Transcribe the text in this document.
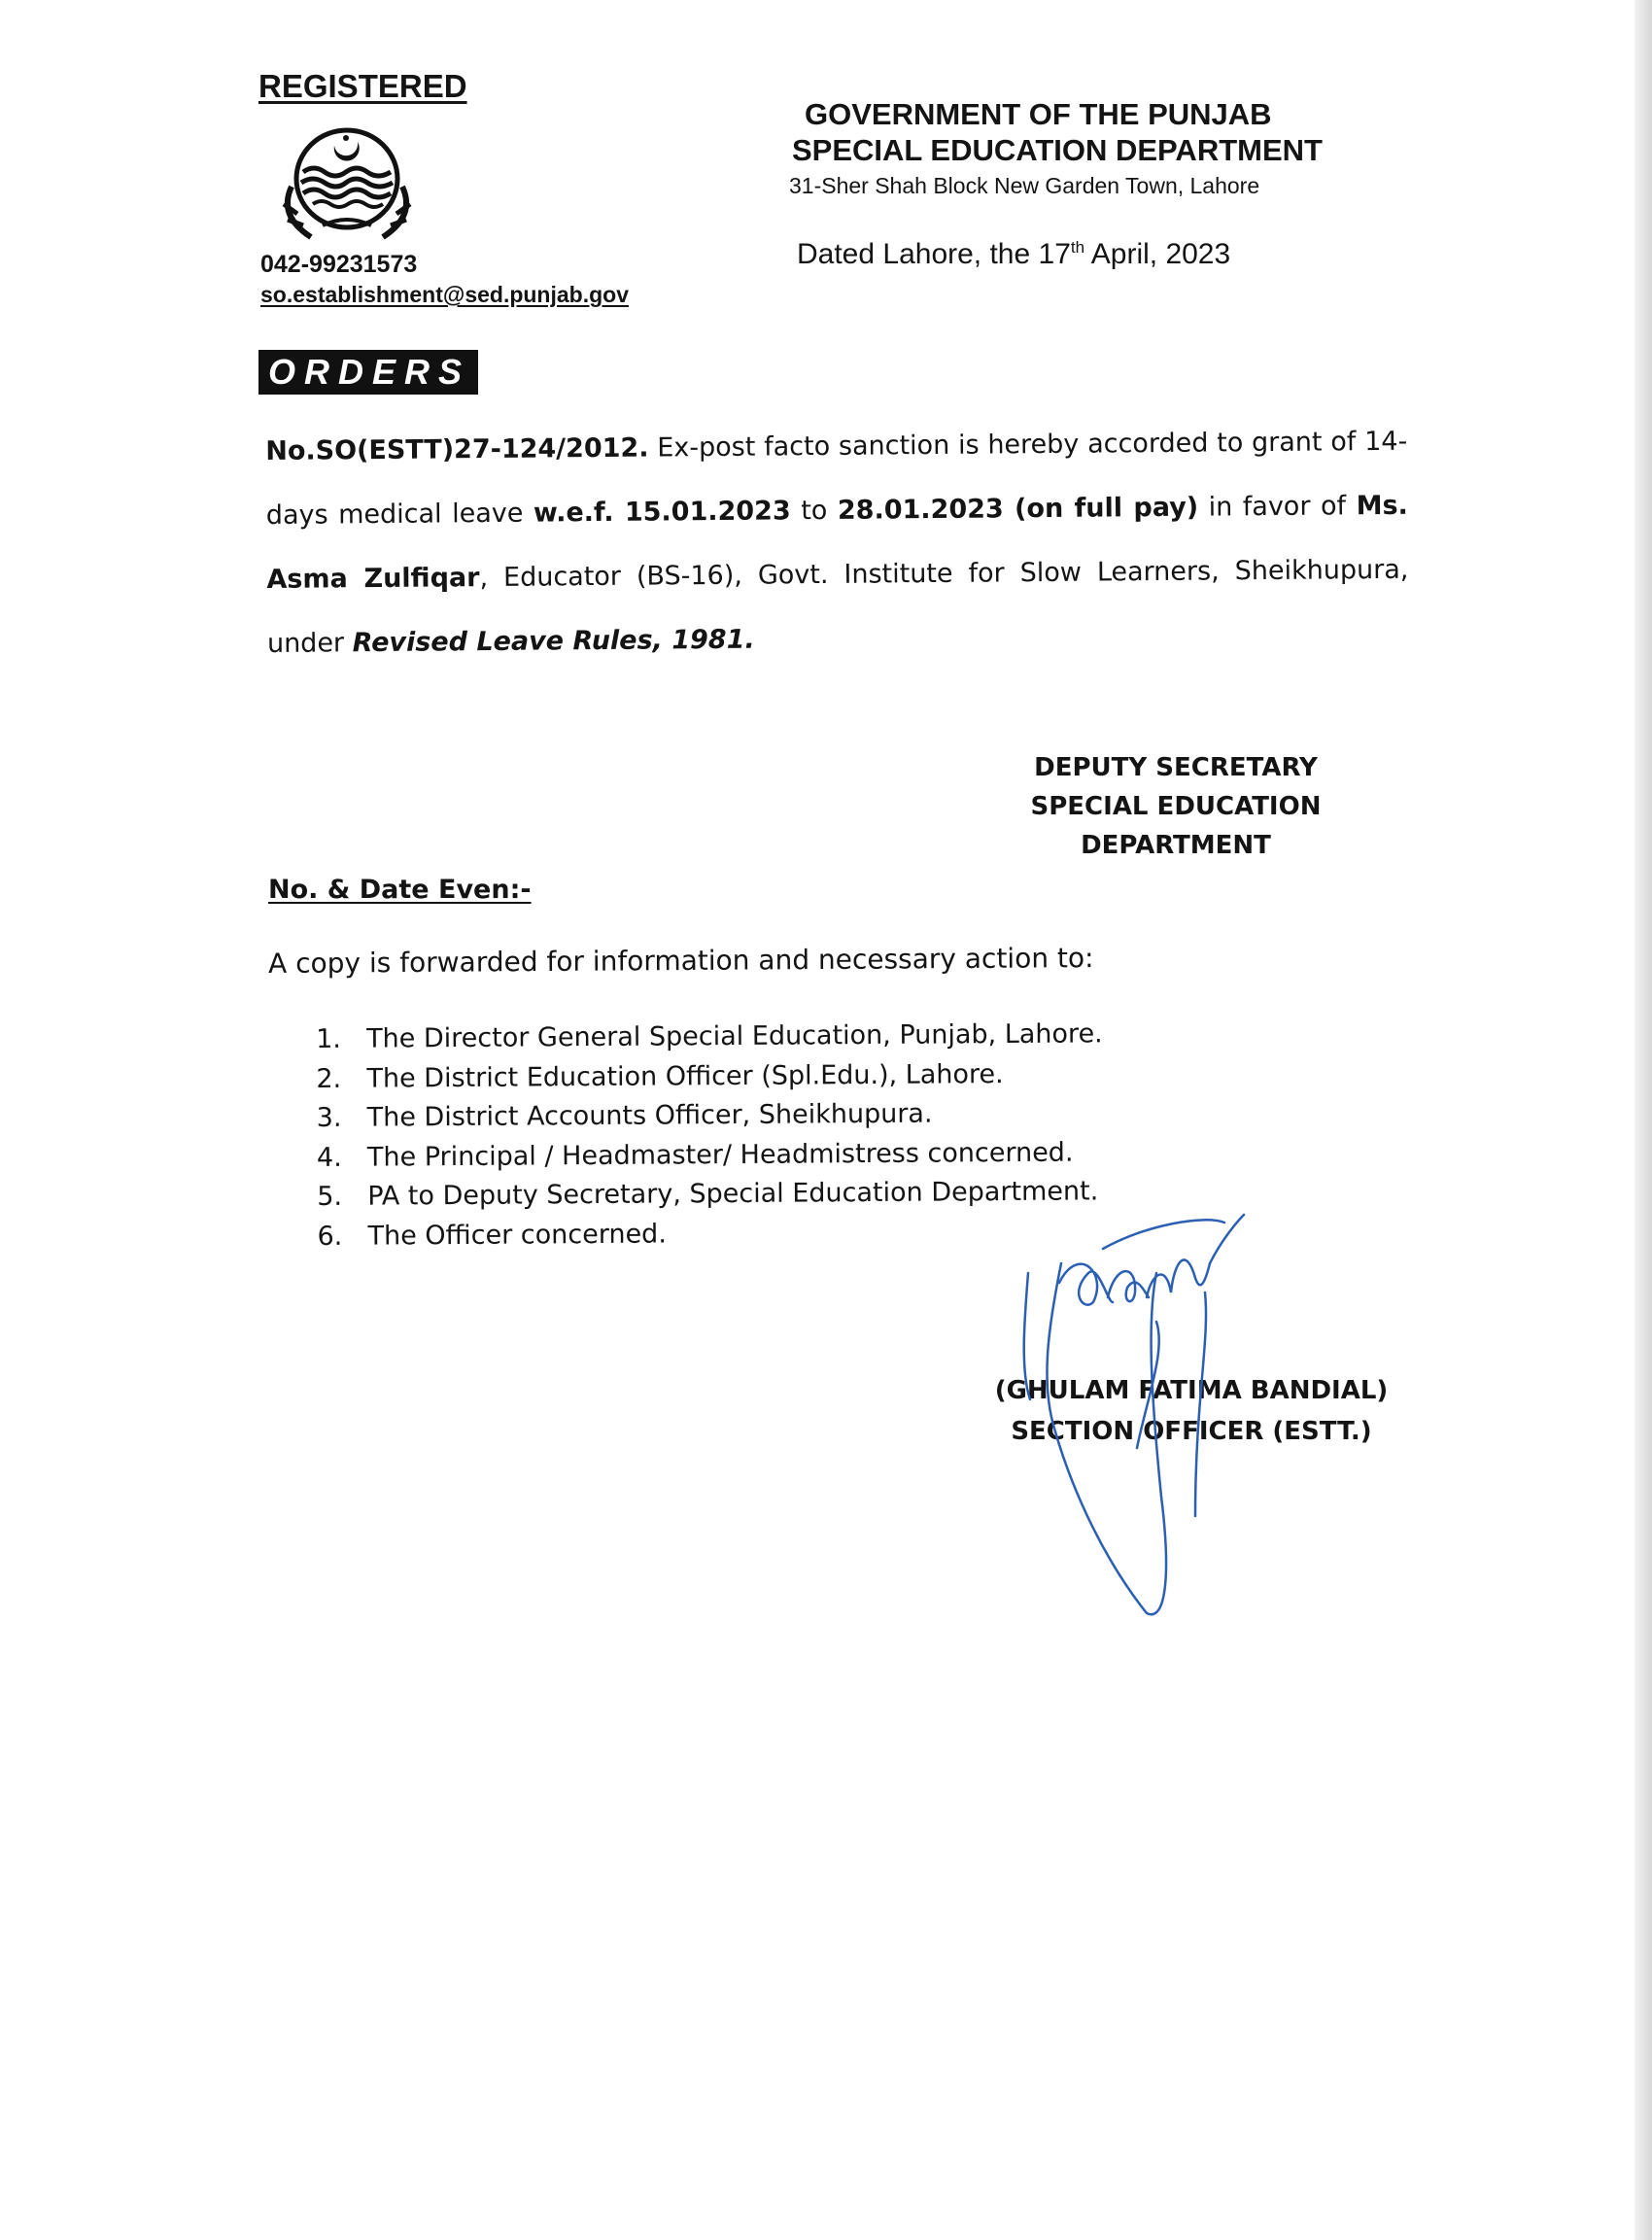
REGISTERED
042-99231573
so.establishment@sed.punjab.gov
GOVERNMENT OF THE PUNJAB
SPECIAL EDUCATION DEPARTMENT
31-Sher Shah Block New Garden Town, Lahore
Dated Lahore, the 17th April, 2023
ORDERS
No.SO(ESTT)27-124/2012. Ex-post facto sanction is hereby accorded to grant of 14-days medical leave w.e.f. 15.01.2023 to 28.01.2023 (on full pay) in favor of Ms. Asma Zulfiqar, Educator (BS-16), Govt. Institute for Slow Learners, Sheikhupura, under Revised Leave Rules, 1981.
DEPUTY SECRETARY
SPECIAL EDUCATION
DEPARTMENT
No. & Date Even:-
A copy is forwarded for information and necessary action to:
1. The Director General Special Education, Punjab, Lahore.
2. The District Education Officer (Spl.Edu.), Lahore.
3. The District Accounts Officer, Sheikhupura.
4. The Principal / Headmaster/ Headmistress concerned.
5. PA to Deputy Secretary, Special Education Department.
6. The Officer concerned.
(GHULAM FATIMA BANDIAL)
SECTION OFFICER (ESTT.)
